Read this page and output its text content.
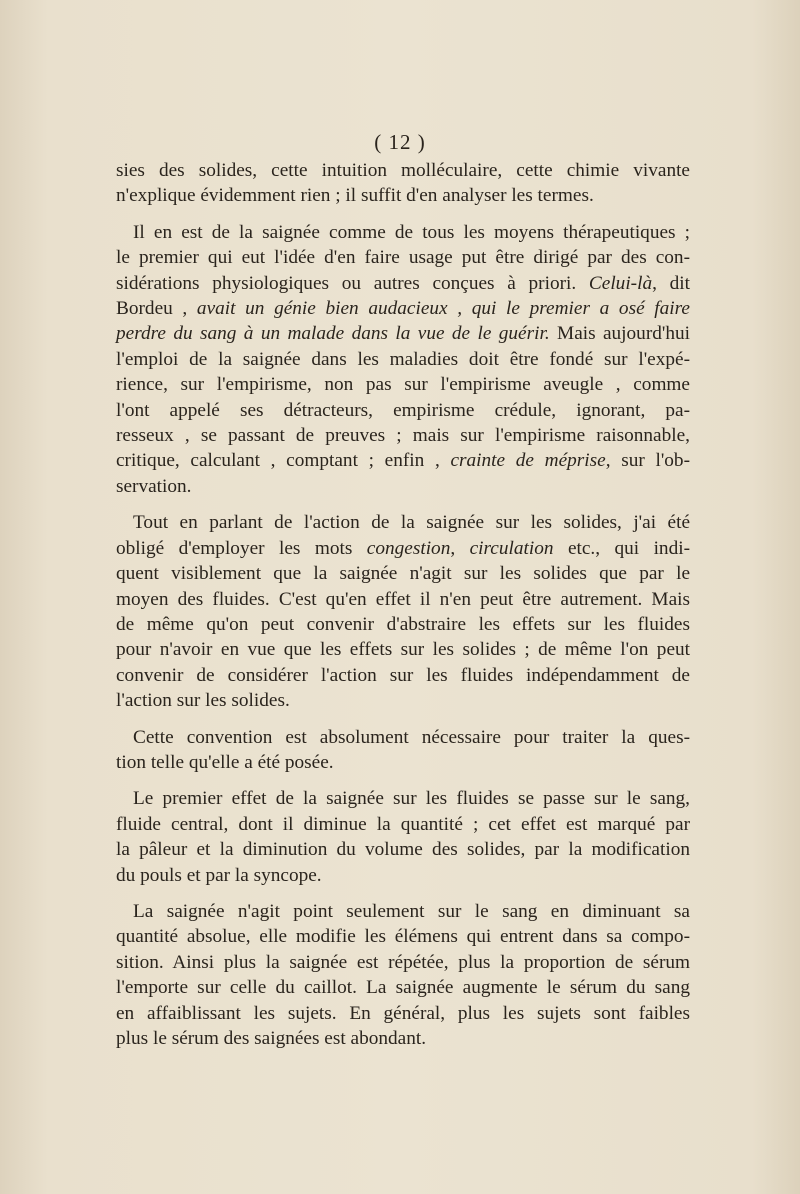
( 12 )

sies des solides, cette intuition molléculaire, cette chimie vivante
n'explique évidemment rien ; il suffit d'en analyser les termes.

Il en est de la saignée comme de tous les moyens thérapeutiques ;
le premier qui eut l'idée d'en faire usage put être dirigé par des con-
sidérations physiologiques ou autres conçues à priori. Celui-là, dit
Bordeu , avait un génie bien audacieux , qui le premier a osé faire
perdre du sang à un malade dans la vue de le guérir. Mais aujourd'hui
l'emploi de la saignée dans les maladies doit être fondé sur l'expé-
rience, sur l'empirisme, non pas sur l'empirisme aveugle , comme
l'ont appelé ses détracteurs, empirisme crédule, ignorant, pa-
resseux , se passant de preuves ; mais sur l'empirisme raisonnable,
critique, calculant , comptant ; enfin , crainte de méprise, sur l'ob-
servation.

Tout en parlant de l'action de la saignée sur les solides, j'ai été
obligé d'employer les mots congestion, circulation etc., qui indi-
quent visiblement que la saignée n'agit sur les solides que par le
moyen des fluides. C'est qu'en effet il n'en peut être autrement. Mais
de même qu'on peut convenir d'abstraire les effets sur les fluides
pour n'avoir en vue que les effets sur les solides ; de même l'on peut
convenir de considérer l'action sur les fluides indépendamment de
l'action sur les solides.

Cette convention est absolument nécessaire pour traiter la ques-
tion telle qu'elle a été posée.

Le premier effet de la saignée sur les fluides se passe sur le sang,
fluide central, dont il diminue la quantité ; cet effet est marqué par
la pâleur et la diminution du volume des solides, par la modification
du pouls et par la syncope.

La saignée n'agit point seulement sur le sang en diminuant sa
quantité absolue, elle modifie les élémens qui entrent dans sa compo-
sition. Ainsi plus la saignée est répétée, plus la proportion de sérum
l'emporte sur celle du caillot. La saignée augmente le sérum du sang
en affaiblissant les sujets. En général, plus les sujets sont faibles
plus le sérum des saignées est abondant.
